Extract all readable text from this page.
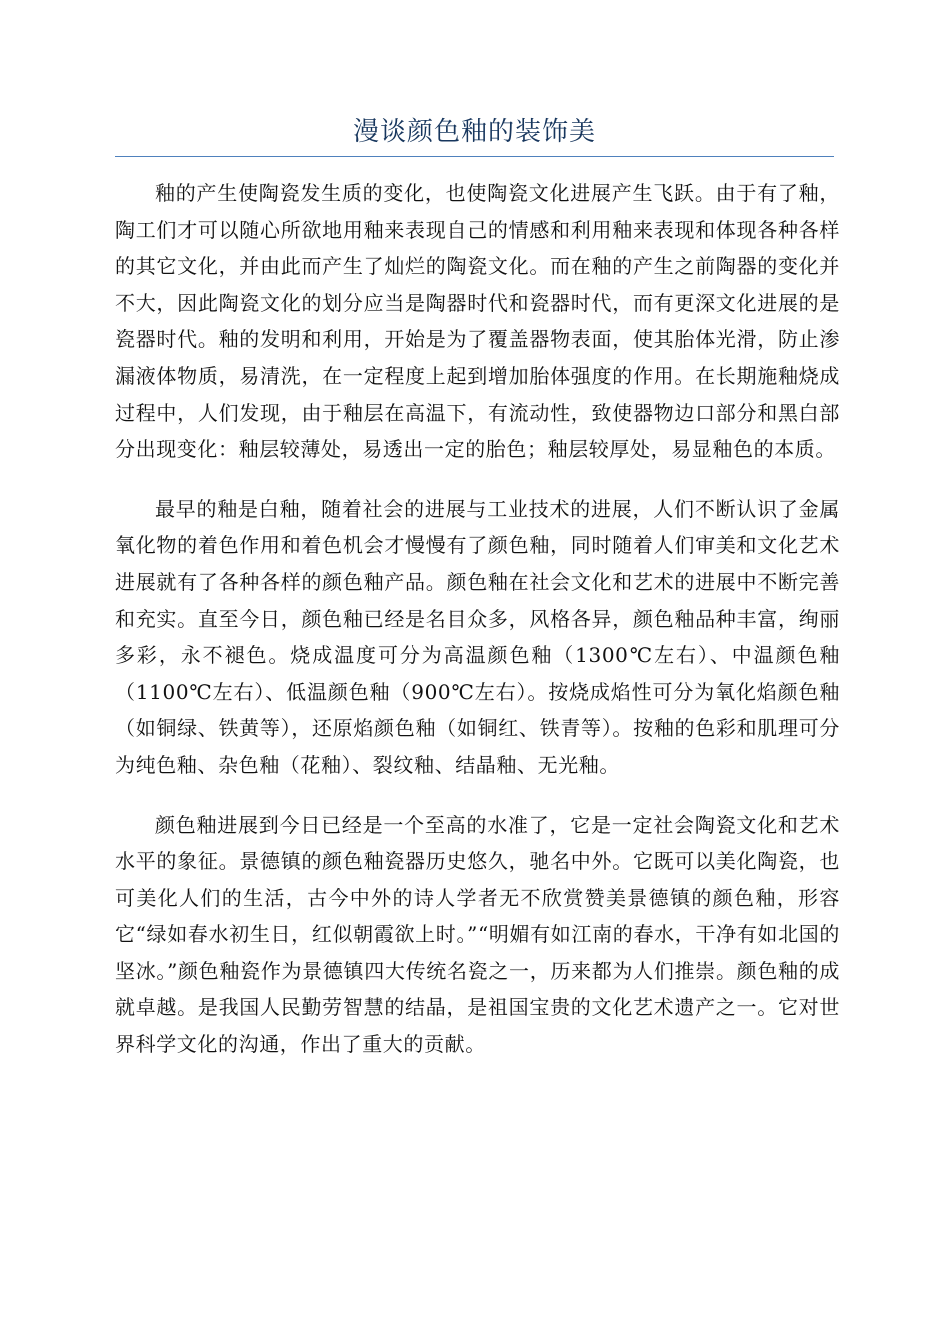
漫谈颜色釉的装饰美

釉的产生使陶瓷发生质的变化，也使陶瓷文化进展产生飞跃。由于有了釉，陶工们才可以随心所欲地用釉来表现自己的情感和利用釉来表现和体现各种各样的其它文化，并由此而产生了灿烂的陶瓷文化。而在釉的产生之前陶器的变化并不大，因此陶瓷文化的划分应当是陶器时代和瓷器时代，而有更深文化进展的是瓷器时代。釉的发明和利用，开始是为了覆盖器物表面，使其胎体光滑，防止渗漏液体物质，易清洗，在一定程度上起到增加胎体强度的作用。在长期施釉烧成过程中，人们发现，由于釉层在高温下，有流动性，致使器物边口部分和黑白部分出现变化：釉层较薄处，易透出一定的胎色；釉层较厚处，易显釉色的本质。

最早的釉是白釉，随着社会的进展与工业技术的进展，人们不断认识了金属氧化物的着色作用和着色机会才慢慢有了颜色釉，同时随着人们审美和文化艺术进展就有了各种各样的颜色釉产品。颜色釉在社会文化和艺术的进展中不断完善和充实。直至今日，颜色釉已经是名目众多，风格各异，颜色釉品种丰富，绚丽多彩，永不褪色。烧成温度可分为高温颜色釉（1300℃左右）、中温颜色釉（1100℃左右）、低温颜色釉（900℃左右）。按烧成焰性可分为氧化焰颜色釉（如铜绿、铁黄等），还原焰颜色釉（如铜红、铁青等）。按釉的色彩和肌理可分为纯色釉、杂色釉（花釉）、裂纹釉、结晶釉、无光釉。

颜色釉进展到今日已经是一个至高的水准了，它是一定社会陶瓷文化和艺术水平的象征。景德镇的颜色釉瓷器历史悠久，驰名中外。它既可以美化陶瓷，也可美化人们的生活，古今中外的诗人学者无不欣赏赞美景德镇的颜色釉，形容它“绿如春水初生日，红似朝霞欲上时。”“明媚有如江南的春水，干净有如北国的坚冰。”颜色釉瓷作为景德镇四大传统名瓷之一，历来都为人们推崇。颜色釉的成就卓越。是我国人民勤劳智慧的结晶，是祖国宝贵的文化艺术遗产之一。它对世界科学文化的沟通，作出了重大的贡献。
